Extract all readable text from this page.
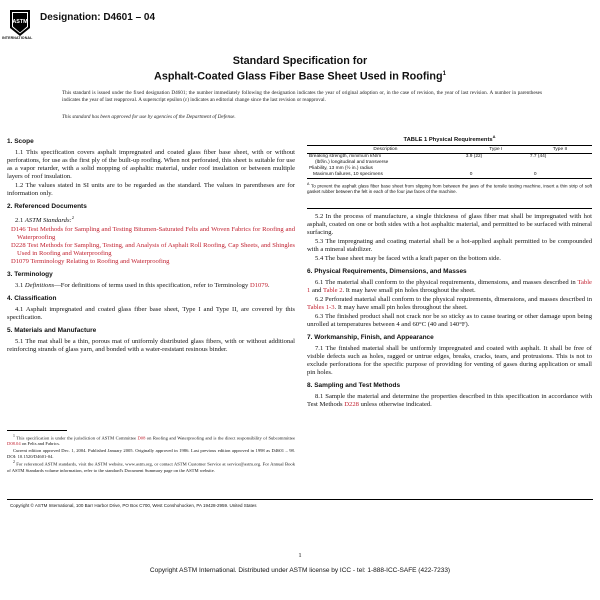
ASTM
INTERNATIONAL
Designation: D4601 – 04
Standard Specification for
Asphalt-Coated Glass Fiber Base Sheet Used in Roofing$^1$
This standard is issued under the fixed designation D4601; the number immediately following the designation indicates the year of original adoption or, in the case of revision, the year of last revision. A number in parentheses indicates the year of last reapproval. A superscript epsilon (ε) indicates an editorial change since the last revision or reapproval.
This standard has been approved for use by agencies of the Department of Defense.
1. Scope

1.1 This specification covers asphalt impregnated and coated glass fiber base sheet, with or without perforations, for use as the first ply of the built-up roofing. When not perforated, this sheet is suitable for use as a vapor retarder, with a solid mopping of asphaltic material, under roof insulation or between multiple layers of roof insulation.

1.2 The values stated in SI units are to be regarded as the standard. The values in parentheses are for information only.

2. Referenced Documents

2.1 ASTM Standards:$^2$

D146 Test Methods for Sampling and Testing Bitumen-Saturated Felts and Woven Fabrics for Roofing and Waterproofing
D228 Test Methods for Sampling, Testing, and Analysis of Asphalt Roll Roofing, Cap Sheets, and Shingles Used in Roofing and Waterproofing
D1079 Terminology Relating to Roofing and Waterproofing
3. Terminology

3.1 Definitions—For definitions of terms used in this specification, refer to Terminology D1079.

4. Classification

4.1 Asphalt impregnated and coated glass fiber base sheet, Type I and Type II, are covered by this specification.

5. Materials and Manufacture

5.1 The mat shall be a thin, porous mat of uniformly distributed glass fibers, with or without additional reinforcing strands of glass yarn, and bonded with a water-resistant resinous binder.

$^1$ This specification is under the jurisdiction of ASTM Committee D08 on Roofing and Waterproofing and is the direct responsibility of Subcommittee D08.04 on Felts and Fabrics.

Current edition approved Dec. 1, 2004. Published January 2005. Originally approved in 1986. Last previous edition approved in 1998 as D4601 – 98. DOI: 10.1520/D4601-04.

$^2$ For referenced ASTM standards, visit the ASTM website, www.astm.org, or contact ASTM Customer Service at service@astm.org. For Annual Book of ASTM Standards volume information, refer to the standard's Document Summary page on the ASTM website.

TABLE 1 Physical Requirements$^A$
Description	Type I	Type II
Breaking strength, minimum kN/m	3.9 (22)	7.7 (44)
(lbf/in.) longitudinal and transverse		
Pliability, 13 mm (½ in.) radius		
Maximum failures, 10 specimens	0	0
$^A$ To prevent the asphalt glass fiber base sheet from slipping from between the jaws of the tensile testing machine, insert a thin strip of soft gasket rubber between the felt in each of the four jaw faces of the machine.

5.2 In the process of manufacture, a single thickness of glass fiber mat shall be impregnated with hot asphalt, coated on one or both sides with a hot asphaltic material, and permitted to be surfaced with mineral surfacing.

5.3 The impregnating and coating material shall be a hot-applied asphalt permitted to be compounded with a mineral stabilizer.

5.4 The base sheet may be faced with a kraft paper on the bottom side.

6. Physical Requirements, Dimensions, and Masses

6.1 The material shall conform to the physical requirements, dimensions, and masses described in Table 1 and Table 2. It may have small pin holes throughout the sheet.

6.2 Perforated material shall conform to the physical requirements, dimensions, and masses described in Tables 1-3. It may have small pin holes throughout the sheet.

6.3 The finished product shall not crack nor be so sticky as to cause tearing or other damage upon being unrolled at temperatures between 4 and 60°C (40 and 140°F).

7. Workmanship, Finish, and Appearance

7.1 The finished material shall be uniformly impregnated and coated with asphalt. It shall be free of visible defects such as holes, ragged or untrue edges, breaks, cracks, tears, and protrusions. This is not to exclude perforations for the specific purpose of providing for venting of gases during application or small pin holes.

8. Sampling and Test Methods

8.1 Sample the material and determine the properties described in this specification in accordance with Test Methods D228 unless otherwise indicated.

Copyright © ASTM International, 100 Barr Harbor Drive, PO Box C700, West Conshohocken, PA 19428-2959. United States
1
Copyright ASTM International. Distributed under ASTM license by ICC - tel: 1-888-ICC-SAFE (422-7233)
